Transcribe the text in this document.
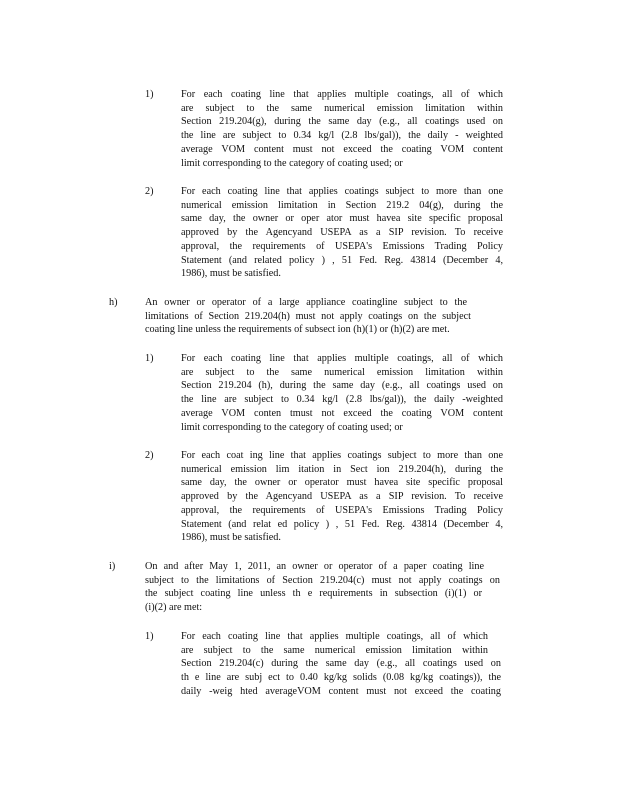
1)	For each coating line that applies multiple coatings, all of which
are subject to the same numerical emission limitation within
Section 219.204(g), during the same day (e.g., all coatings used on
the line are subject to 0.34 kg/l (2.8 lbs/gal)), the daily - weighted
average VOM content must not exceed the coating VOM content
limit corresponding to the category of coating used; or
2)	For each coating line that applies coatings subject to more than one
numerical emission limitation in Section 219.2 04(g), during the
same day, the owner or oper ator must havea site specific proposal
approved by the Agencyand USEPA as a SIP revision. To receive
approval, the requirements of USEPA's Emissions Trading Policy
Statement (and related policy ) , 51 Fed. Reg. 43814 (December 4,
1986), must be satisfied.
h)	An owner or operator of a large appliance coatingline subject to the
limitations of Section 219.204(h) must not apply coatings on the subject
coating line unless the requirements of subsect ion (h)(1) or (h)(2) are met.
1)	For each coating line that applies multiple coatings, all of which
are subject to the same numerical emission limitation within
Section 219.204 (h), during the same day (e.g., all coatings used on
the line are subject to 0.34 kg/l (2.8 lbs/gal)), the daily -weighted
average VOM conten tmust not exceed the coating VOM content
limit corresponding to the category of coating used; or
2)	For each coat ing line that applies coatings subject to more than one
numerical emission lim itation in Sect ion 219.204(h), during the
same day, the owner or operator must havea site specific proposal
approved by the Agencyand USEPA as a SIP revision. To receive
approval, the requirements of USEPA's Emissions Trading Policy
Statement (and relat ed policy ) , 51 Fed. Reg. 43814 (December 4,
1986), must be satisfied.
i)	On and after May 1, 2011, an owner or operator of a paper coating line
subject to the limitations of Section 219.204(c) must not apply coatings on
the subject coating line unless th e requirements in subsection (i)(1) or
(i)(2) are met:
1)	For each coating line that applies multiple coatings, all of which
are subject to the same numerical emission limitation within
Section 219.204(c) during the same day (e.g., all coatings used on
th e line are subj ect to 0.40 kg/kg solids (0.08 kg/kg coatings)), the
daily -weig hted averageVOM content must not exceed the coating
